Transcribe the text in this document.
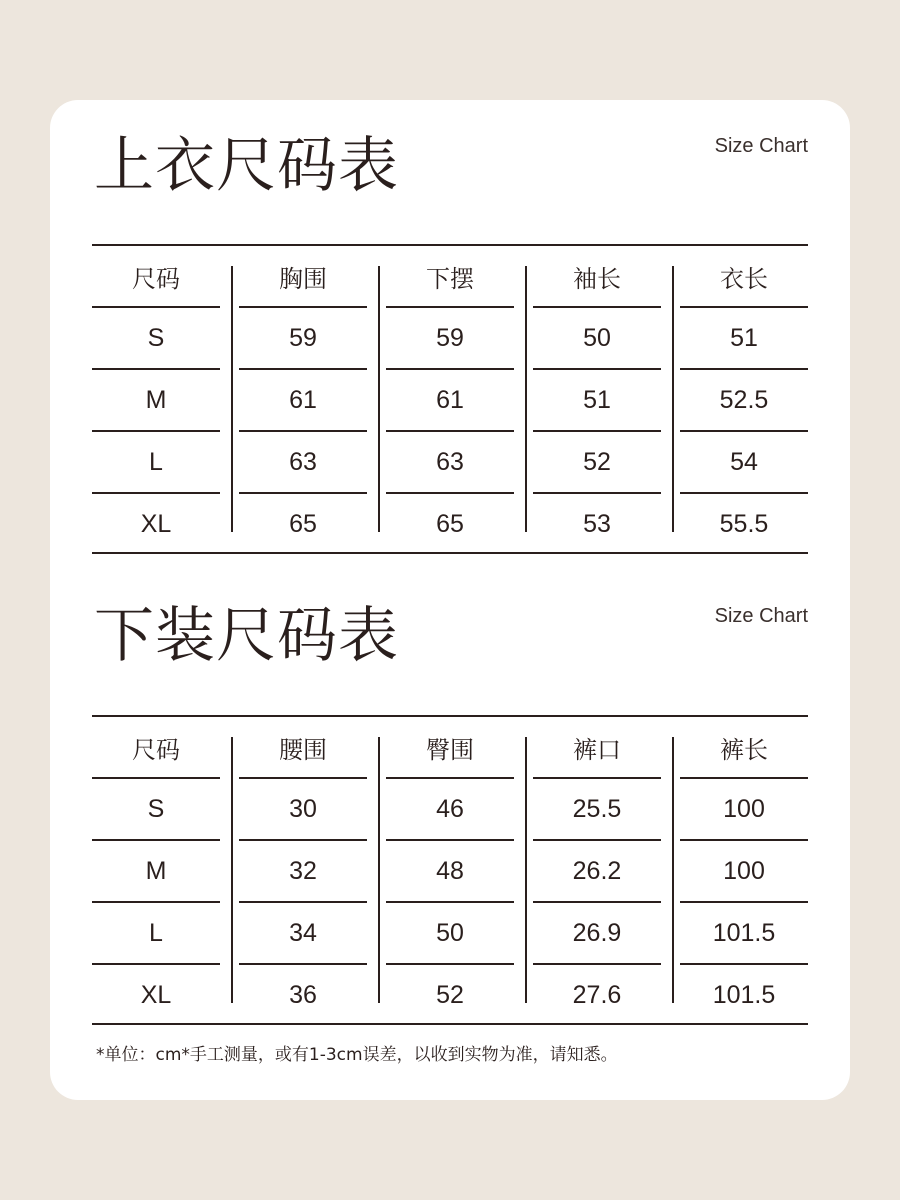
上衣尺码表	Size Chart
尺码
S
M
L
XL
胸围
59
61
63
65
下摆
59
61
63
65
袖长
50
51
52
53
衣长
51
52.5
54
55.5
下装尺码表	Size Chart
尺码
S
M
L
XL
腰围
30
32
34
36
臀围
46
48
50
52
裤口
25.5
26.2
26.9
27.6
裤长
100
100
101.5
101.5
*单位：cm*手工测量，或有1-3cm误差，以收到实物为准，请知悉。
